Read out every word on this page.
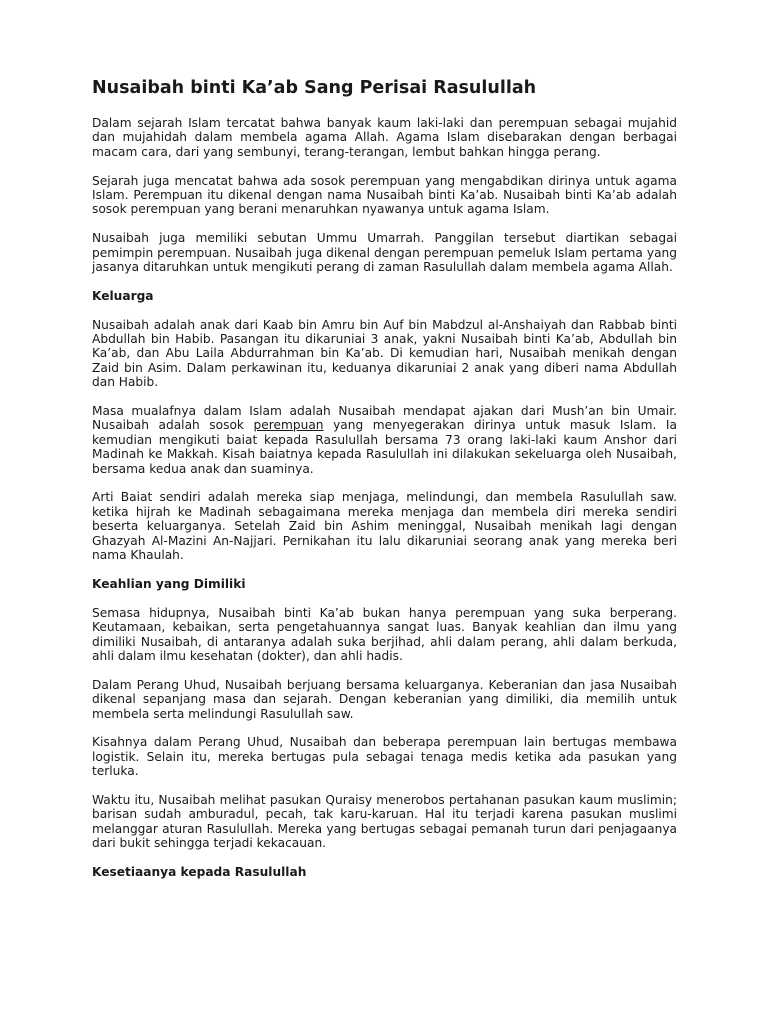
Nusaibah binti Ka’ab Sang Perisai Rasulullah

Dalam sejarah Islam tercatat bahwa banyak kaum laki-laki dan perempuan sebagai mujahid dan mujahidah dalam membela agama Allah. Agama Islam disebarakan dengan berbagai macam cara, dari yang sembunyi, terang-terangan, lembut bahkan hingga perang.

Sejarah juga mencatat bahwa ada sosok perempuan yang mengabdikan dirinya untuk agama Islam. Perempuan itu dikenal dengan nama Nusaibah binti Ka’ab. Nusaibah binti Ka’ab adalah sosok perempuan yang berani menaruhkan nyawanya untuk agama Islam.

Nusaibah juga memiliki sebutan Ummu Umarrah. Panggilan tersebut diartikan sebagai pemimpin perempuan. Nusaibah juga dikenal dengan perempuan pemeluk Islam pertama yang jasanya ditaruhkan untuk mengikuti perang di zaman Rasulullah dalam membela agama Allah.

Keluarga

Nusaibah adalah anak dari Kaab bin Amru bin Auf bin Mabdzul al-Anshaiyah dan Rabbab binti Abdullah bin Habib. Pasangan itu dikaruniai 3 anak, yakni Nusaibah binti Ka’ab, Abdullah bin Ka’ab, dan Abu Laila Abdurrahman bin Ka’ab. Di kemudian hari, Nusaibah menikah dengan Zaid bin Asim. Dalam perkawinan itu, keduanya dikaruniai 2 anak yang diberi nama Abdullah dan Habib.

Masa mualafnya dalam Islam adalah Nusaibah mendapat ajakan dari Mush’an bin Umair. Nusaibah adalah sosok perempuan yang menyegerakan dirinya untuk masuk Islam. Ia kemudian mengikuti baiat kepada Rasulullah bersama 73 orang laki-laki kaum Anshor dari Madinah ke Makkah. Kisah baiatnya kepada Rasulullah ini dilakukan sekeluarga oleh Nusaibah, bersama kedua anak dan suaminya.

Arti Baiat sendiri adalah mereka siap menjaga, melindungi, dan membela Rasulullah saw. ketika hijrah ke Madinah sebagaimana mereka menjaga dan membela diri mereka sendiri beserta keluarganya. Setelah Zaid bin Ashim meninggal, Nusaibah menikah lagi dengan Ghazyah Al-Mazini An-Najjari. Pernikahan itu lalu dikaruniai seorang anak yang mereka beri nama Khaulah.

Keahlian yang Dimiliki

Semasa hidupnya, Nusaibah binti Ka’ab bukan hanya perempuan yang suka berperang. Keutamaan, kebaikan, serta pengetahuannya sangat luas. Banyak keahlian dan ilmu yang dimiliki Nusaibah, di antaranya adalah suka berjihad, ahli dalam perang, ahli dalam berkuda, ahli dalam ilmu kesehatan (dokter), dan ahli hadis.

Dalam Perang Uhud, Nusaibah berjuang bersama keluarganya. Keberanian dan jasa Nusaibah dikenal sepanjang masa dan sejarah. Dengan keberanian yang dimiliki, dia memilih untuk membela serta melindungi Rasulullah saw.

Kisahnya dalam Perang Uhud, Nusaibah dan beberapa perempuan lain bertugas membawa logistik. Selain itu, mereka bertugas pula sebagai tenaga medis ketika ada pasukan yang terluka.

Waktu itu, Nusaibah melihat pasukan Quraisy menerobos pertahanan pasukan kaum muslimin; barisan sudah amburadul, pecah, tak karu-karuan. Hal itu terjadi karena pasukan muslimi melanggar aturan Rasulullah. Mereka yang bertugas sebagai pemanah turun dari penjagaanya dari bukit sehingga terjadi kekacauan.

Kesetiaanya kepada Rasulullah
